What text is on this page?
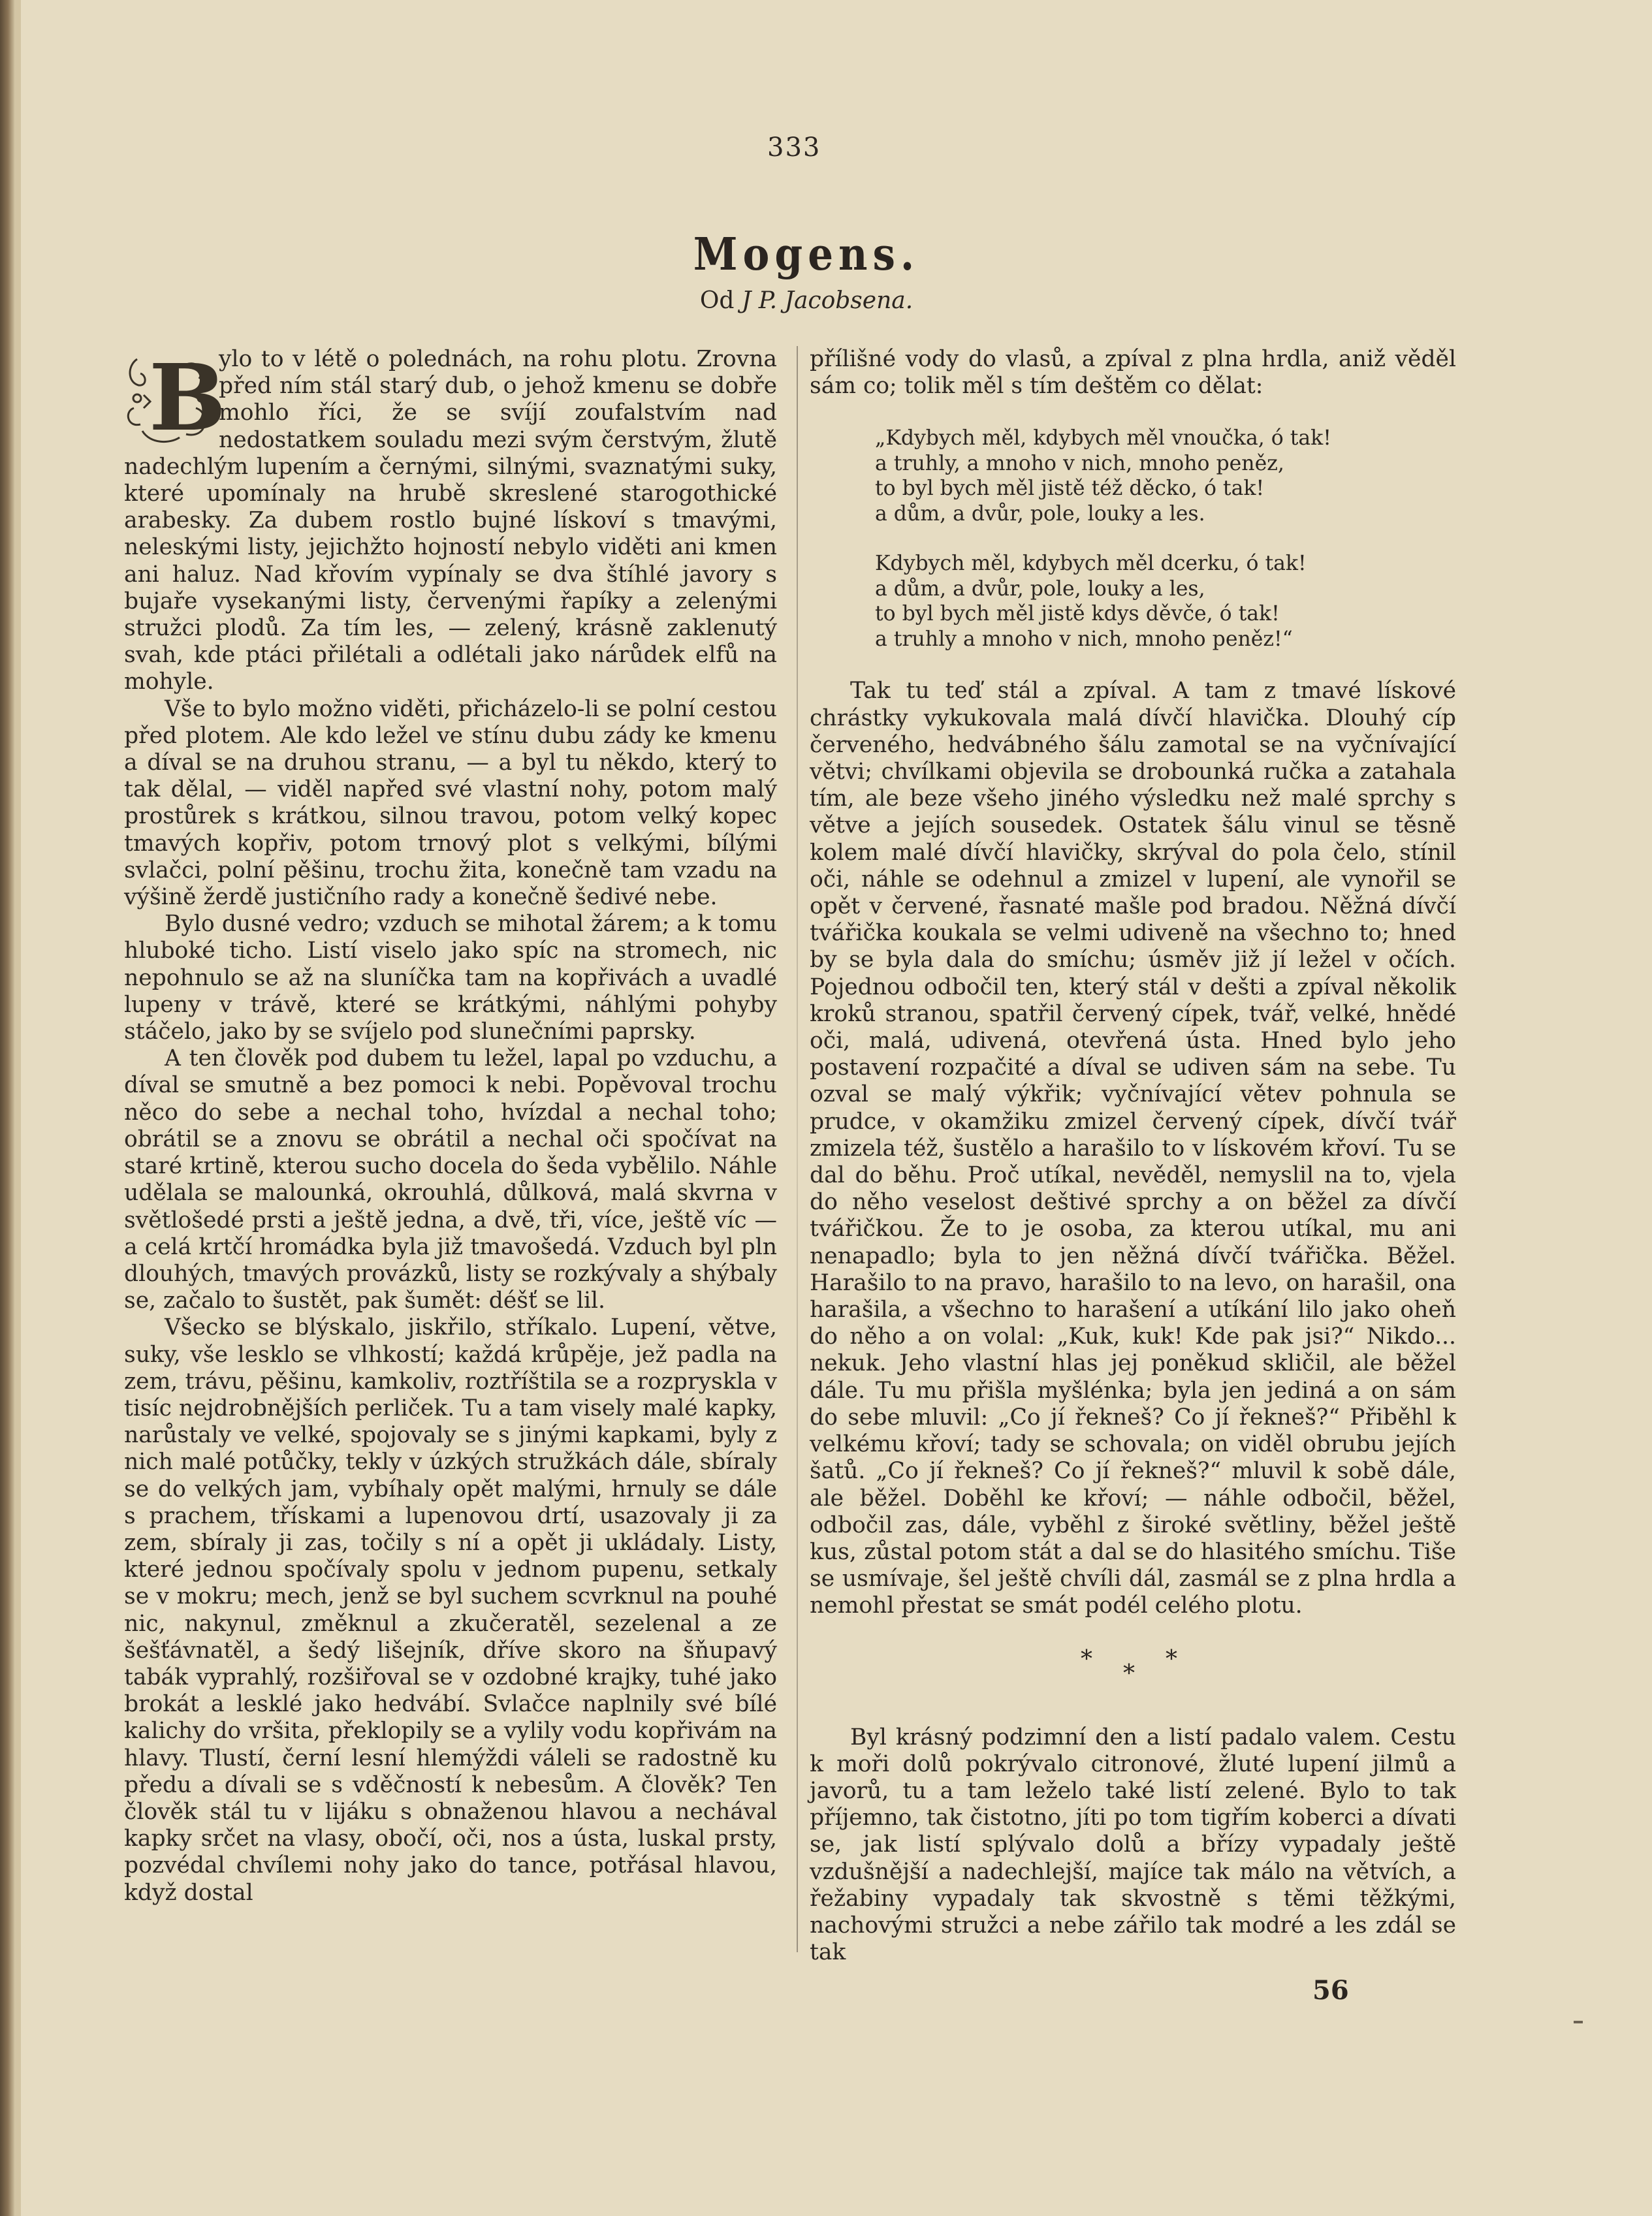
333
Mogens.
Od J P. Jacobsena.

B
ylo to v létě o polednách, na rohu plotu. Zrovna před ním stál starý dub, o jehož kmenu se dobře mohlo říci, že se svíjí zoufalstvím nad nedostatkem souladu mezi svým čerstvým, žlutě nadechlým lupením a černými, silnými, svaznatými suky, které upomínaly na hrubě skreslené starogothické arabesky. Za dubem rostlo bujné lískoví s tmavými, neleskými listy, jejichžto hojností nebylo viděti ani kmen ani haluz. Nad křovím vypínaly se dva štíhlé javory s bujaře vysekanými listy, červenými řapíky a zelenými stružci plodů. Za tím les, — zelený, krásně zaklenutý svah, kde ptáci přilétali a odlétali jako nárůdek elfů na mohyle.

Vše to bylo možno viděti, přicházelo-li se polní cestou před plotem. Ale kdo ležel ve stínu dubu zády ke kmenu a díval se na druhou stranu, — a byl tu někdo, který to tak dělal, — viděl napřed své vlastní nohy, potom malý prostůrek s krátkou, silnou travou, potom velký kopec tmavých kopřiv, potom trnový plot s velkými, bílými svlačci, polní pěšinu, trochu žita, konečně tam vzadu na výšině žerdě justičního rady a konečně šedivé nebe.

Bylo dusné vedro; vzduch se mihotal žárem; a k tomu hluboké ticho. Listí viselo jako spíc na stromech, nic nepohnulo se až na sluníčka tam na kopřivách a uvadlé lupeny v trávě, které se krátkými, náhlými pohyby stáčelo, jako by se svíjelo pod slunečními paprsky.

A ten člověk pod dubem tu ležel, lapal po vzduchu, a díval se smutně a bez pomoci k nebi. Popěvoval trochu něco do sebe a nechal toho, hvízdal a nechal toho; obrátil se a znovu se obrátil a nechal oči spočívat na staré krtině, kterou sucho docela do šeda vybělilo. Náhle udělala se malounká, okrouhlá, důlková, malá skvrna v světlošedé prsti a ještě jedna, a dvě, tři, více, ještě víc — a celá krtčí hromádka byla již tmavošedá. Vzduch byl pln dlouhých, tmavých provázků, listy se rozkývaly a shýbaly se, začalo to šustět, pak šumět: déšť se lil.

Všecko se blýskalo, jiskřilo, stříkalo. Lupení, větve, suky, vše lesklo se vlhkostí; každá krůpěje, jež padla na zem, trávu, pěšinu, kamkoliv, roztříštila se a rozpryskla v tisíc nejdrobnějších perliček. Tu a tam visely malé kapky, narůstaly ve velké, spojovaly se s jinými kapkami, byly z nich malé potůčky, tekly v úzkých stružkách dále, sbíraly se do velkých jam, vybíhaly opět malými, hrnuly se dále s prachem, třískami a lupenovou drtí, usazovaly ji za zem, sbíraly ji zas, točily s ní a opět ji ukládaly. Listy, které jednou spočívaly spolu v jednom pupenu, setkaly se v mokru; mech, jenž se byl suchem scvrknul na pouhé nic, nakynul, změknul a zkučeratěl, sezelenal a ze šešťávnatěl, a šedý lišejník, dříve skoro na šňupavý tabák vyprahlý, rozšiřoval se v ozdobné krajky, tuhé jako brokát a lesklé jako hedvábí. Svlačce naplnily své bílé kalichy do vršita, překlopily se a vylily vodu kopřivám na hlavy. Tlustí, černí lesní hlemýždi váleli se radostně ku předu a dívali se s vděčností k nebesům. A člověk? Ten člověk stál tu v lijáku s obnaženou hlavou a nechával kapky srčet na vlasy, obočí, oči, nos a ústa, luskal prsty, pozvédal chvílemi nohy jako do tance, potřásal hlavou, když dostal

přílišné vody do vlasů, a zpíval z plna hrdla, aniž věděl sám co; tolik měl s tím deštěm co dělat:

„Kdybych měl, kdybych měl vnoučka, ó tak!
a truhly, a mnoho v nich, mnoho peněz,
to byl bych měl jistě též děcko, ó tak!
a dům, a dvůr, pole, louky a les.
Kdybych měl, kdybych měl dcerku, ó tak!
a dům, a dvůr, pole, louky a les,
to byl bych měl jistě kdys děvče, ó tak!
a truhly a mnoho v nich, mnoho peněz!“

Tak tu teď stál a zpíval. A tam z tmavé lískové chrástky vykukovala malá dívčí hlavička. Dlouhý cíp červeného, hedvábného šálu zamotal se na vyčnívající větvi; chvílkami objevila se drobounká ručka a zatahala tím, ale beze všeho jiného výsledku než malé sprchy s větve a jejích sousedek. Ostatek šálu vinul se těsně kolem malé dívčí hlavičky, skrýval do pola čelo, stínil oči, náhle se odehnul a zmizel v lupení, ale vynořil se opět v červené, řasnaté mašle pod bradou. Něžná dívčí tvářička koukala se velmi udiveně na všechno to; hned by se byla dala do smíchu; úsměv již jí ležel v očích. Pojednou odbočil ten, který stál v dešti a zpíval několik kroků stranou, spatřil červený cípek, tvář, velké, hnědé oči, malá, udivená, otevřená ústa. Hned bylo jeho postavení rozpačité a díval se udiven sám na sebe. Tu ozval se malý výkřik; vyčnívající větev pohnula se prudce, v okamžiku zmizel červený cípek, dívčí tvář zmizela též, šustělo a harašilo to v lískovém křoví. Tu se dal do běhu. Proč utíkal, nevěděl, nemyslil na to, vjela do něho veselost deštivé sprchy a on běžel za dívčí tvářičkou. Že to je osoba, za kterou utíkal, mu ani nenapadlo; byla to jen něžná dívčí tvářička. Běžel. Harašilo to na pravo, harašilo to na levo, on harašil, ona harašila, a všechno to harašení a utíkání lilo jako oheň do něho a on volal: „Kuk, kuk! Kde pak jsi?“ Nikdo... nekuk. Jeho vlastní hlas jej poněkud skličil, ale běžel dále. Tu mu přišla myšlénka; byla jen jediná a on sám do sebe mluvil: „Co jí řekneš? Co jí řekneš?“ Přiběhl k velkému křoví; tady se schovala; on viděl obrubu jejích šatů. „Co jí řekneš? Co jí řekneš?“ mluvil k sobě dále, ale běžel. Doběhl ke křoví; — náhle odbočil, běžel, odbočil zas, dále, vyběhl z široké světliny, běžel ještě kus, zůstal potom stát a dal se do hlasitého smíchu. Tiše se usmívaje, šel ještě chvíli dál, zasmál se z plna hrdla a nemohl přestat se smát podél celého plotu.

*	*
*

Byl krásný podzimní den a listí padalo valem. Cestu k moři dolů pokrývalo citronové, žluté lupení jilmů a javorů, tu a tam leželo také listí zelené. Bylo to tak příjemno, tak čistotno, jíti po tom tigřím koberci a dívati se, jak listí splývalo dolů a břízy vypadaly ještě vzdušnější a nadechlejší, majíce tak málo na větvích, a řežabiny vypadaly tak skvostně s těmi těžkými, nachovými stružci a nebe zářilo tak modré a les zdál se tak

56
